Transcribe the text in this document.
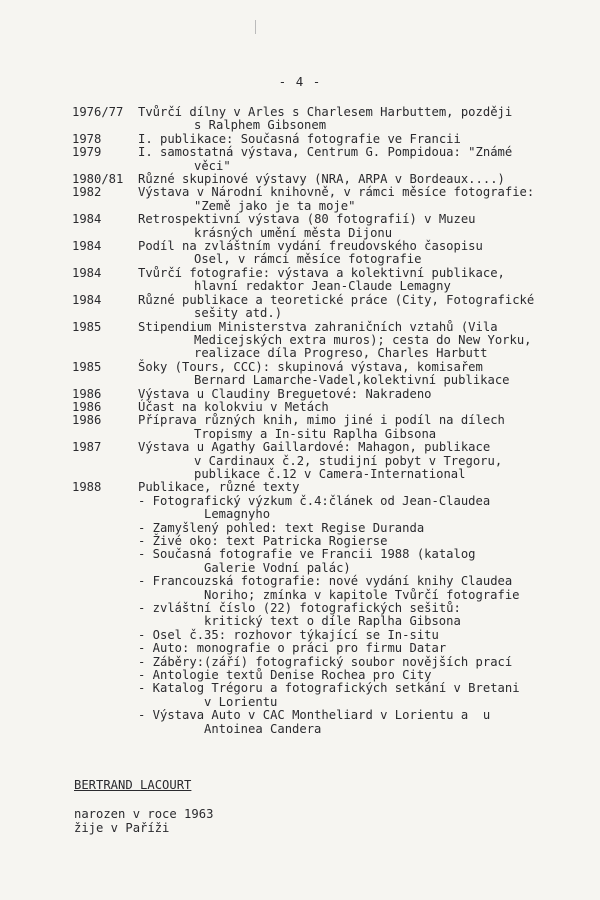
- 4 -
1976/77	Tvůrčí dílny v Arles s Charlesem Harbuttem, později
s Ralphem Gibsonem
1978	I. publikace: Současná fotografie ve Francii
1979	I. samostatná výstava, Centrum G. Pompidoua: "Známé
věci"
1980/81	Různé skupinové výstavy (NRA, ARPA v Bordeaux....)
1982	Výstava v Národní knihovně, v rámci měsíce fotografie:
"Země jako je ta moje"
1984	Retrospektivní výstava (80 fotografií) v Muzeu
krásných umění města Dijonu
1984	Podíl na zvláštním vydání freudovského časopisu
Osel, v rámci měsíce fotografie
1984	Tvůrčí fotografie: výstava a kolektivní publikace,
hlavní redaktor Jean-Claude Lemagny
1984	Různé publikace a teoretické práce (City, Fotografické
sešity atd.)
1985	Stipendium Ministerstva zahraničních vztahů (Vila
Medicejských extra muros); cesta do New Yorku,
realizace díla Progreso, Charles Harbutt
1985	Šoky (Tours, CCC): skupinová výstava, komisařem
Bernard Lamarche-Vadel,kolektivní publikace
1986	Výstava u Claudiny Breguetové: Nakradeno
1986	Účast na kolokviu v Metách
1986	Příprava různých knih, mimo jiné i podíl na dílech
Tropismy a In-situ Raplha Gibsona
1987	Výstava u Agathy Gaillardové: Mahagon, publikace
v Cardinaux č.2, studijní pobyt v Tregoru,
publikace č.12 v Camera-International
1988	Publikace, různé texty
- Fotografický výzkum č.4:článek od Jean-Claudea
Lemagnyho
- Zamyšlený pohled: text Regise Duranda
- Živé oko: text Patricka Rogierse
- Současná fotografie ve Francii 1988 (katalog
Galerie Vodní palác)
- Francouzská fotografie: nové vydání knihy Claudea
Noriho; zmínka v kapitole Tvůrčí fotografie
- zvláštní číslo (22) fotografických sešitů:
kritický text o díle Raplha Gibsona
- Osel č.35: rozhovor týkající se In-situ
- Auto: monografie o práci pro firmu Datar
- Záběry:(září) fotografický soubor novějších prací
- Antologie textů Denise Rochea pro City
- Katalog Trégoru a fotografických setkání v Bretani
v Lorientu
- Výstava Auto v CAC Montheliard v Lorientu a  u
Antoinea Candera
BERTRAND LACOURT
narozen v roce 1963
žije v Paříži
